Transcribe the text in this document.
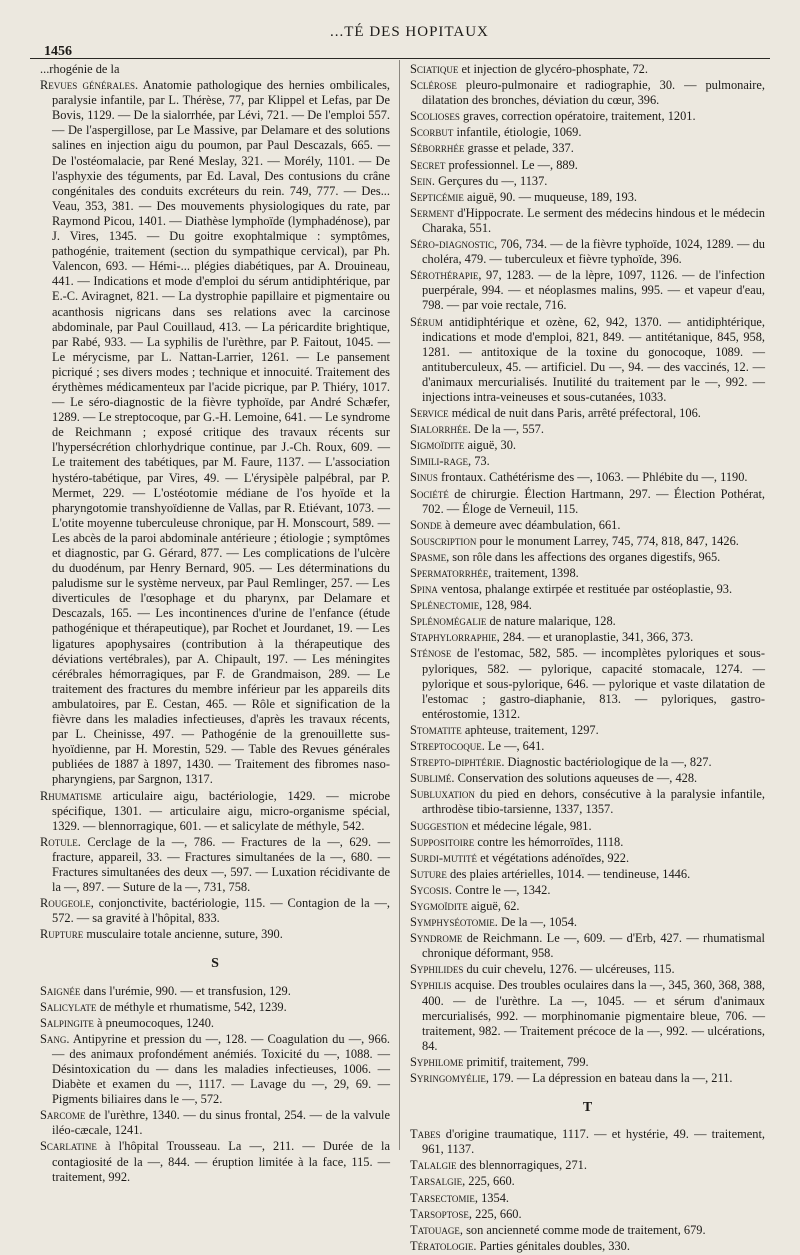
1456
...TÉ DES HOPITAUX
...rhogénie de la
Revues générales. Anatomie pathologique des hernies ombilicales, paralysie infantile, par L. Thérèse, 77, par Klippel et Lefas, par De Bovis, 1129. — De la sialorrhée, par Lévi, 721. — De l'emploi 557. — De l'aspergillose, par Le Massive, par Delamare et des solutions salines en injection aigu du poumon, par Paul Descazals, 665. — De l'ostéomalacie, par René Meslay, 321. — Morély, 1101. — De l'asphyxie des téguments, par Ed. Laval, Des contusions du crâne congénitales des conduits excréteurs du rein. 749, 777. — Des... Veau, 353, 381. — Des mouvements physiologiques du rate, par Raymond Picou, 1401. — Diathèse lymphoïde (lymphadénose), par J. Vires, 1345. — Du goitre exophtalmique : symptômes, pathogénie, traitement (section du sympathique cervical), par Ph. Valencon, 693. — Hémi-... plégies diabétiques, par A. Drouineau, 441. — Indications et mode d'emploi du sérum antidiphtérique, par E.-C. Aviragnet, 821. — La dystrophie papillaire et pigmentaire ou acanthosis nigricans dans ses relations avec la carcinose abdominale, par Paul Couillaud, 413. — La péricardite brightique, par Rabé, 933. — La syphilis de l'urèthre, par P. Faitout, 1045. — Le mérycisme, par L. Nattan-Larrier, 1261. — Le pansement picriqué ; ses divers modes ; technique et innocuité. Traitement des érythèmes médicamenteux par l'acide picrique, par P. Thiéry, 1017. — Le séro-diagnostic de la fièvre typhoïde, par André Schæfer, 1289. — Le streptocoque, par G.-H. Lemoine, 641. — Le syndrome de Reichmann ; exposé critique des travaux récents sur l'hypersécrétion chlorhydrique continue, par J.-Ch. Roux, 609. — Le traitement des tabétiques, par M. Faure, 1137. — L'association hystéro-tabétique, par Vires, 49. — L'érysipèle palpébral, par P. Mermet, 229. — L'ostéotomie médiane de l'os hyoïde et la pharyngotomie transhyoïdienne de Vallas, par R. Etiévant, 1073. — L'otite moyenne tuberculeuse chronique, par H. Monscourt, 589. — Les abcès de la paroi abdominale antérieure ; étiologie ; symptômes et diagnostic, par G. Gérard, 877. — Les complications de l'ulcère du duodénum, par Henry Bernard, 905. — Les déterminations du paludisme sur le système nerveux, par Paul Remlinger, 257. — Les diverticules de l'œsophage et du pharynx, par Delamare et Descazals, 165. — Les incontinences d'urine de l'enfance (étude pathogénique et thérapeutique), par Rochet et Jourdanet, 19. — Les ligatures apophysaires (contribution à la thérapeutique des déviations vertébrales), par A. Chipault, 197. — Les méningites cérébrales hémorragiques, par F. de Grandmaison, 289. — Le traitement des fractures du membre inférieur par les appareils dits ambulatoires, par E. Cestan, 465. — Rôle et signification de la fièvre dans les maladies infectieuses, d'après les travaux récents, par L. Cheinisse, 497. — Pathogénie de la grenouillette sus-hyoïdienne, par H. Morestin, 529. — Table des Revues générales publiées de 1887 à 1897, 1430. — Traitement des fibromes naso-pharyngiens, par Sargnon, 1317.
Rhumatisme articulaire aigu, bactériologie, 1429. — microbe spécifique, 1301. — articulaire aigu, micro-organisme spécial, 1329. — blennorragique, 601. — et salicylate de méthyle, 542.
Rotule. Cerclage de la —, 786. — Fractures de la —, 629. — fracture, appareil, 33. — Fractures simultanées de la —, 680. — Fractures simultanées des deux —, 597. — Luxation récidivante de la —, 897. — Suture de la —, 731, 758.
Rougeole, conjonctivite, bactériologie, 115. — Contagion de la —, 572. — sa gravité à l'hôpital, 833.
Rupture musculaire totale ancienne, suture, 390.
S
Saignée dans l'urémie, 990. — et transfusion, 129.
Salicylate de méthyle et rhumatisme, 542, 1239.
Salpingite à pneumocoques, 1240.
Sang. Antipyrine et pression du —, 128. — Coagulation du —, 966. — des animaux profondément anémiés. Toxicité du —, 1088. — Désintoxication du — dans les maladies infectieuses, 1006. — Diabète et examen du —, 1117. — Lavage du —, 29, 69. — Pigments biliaires dans le —, 572.
Sarcome de l'urèthre, 1340. — du sinus frontal, 254. — de la valvule iléo-cæcale, 1241.
Scarlatine à l'hôpital Trousseau. La —, 211. — Durée de la contagiosité de la —, 844. — éruption limitée à la face, 115. — traitement, 992.
Sciatique et injection de glycéro-phosphate, 72.
Sclérose pleuro-pulmonaire et radiographie, 30. — pulmonaire, dilatation des bronches, déviation du cœur, 396.
Scolioses graves, correction opératoire, traitement, 1201.
Scorbut infantile, étiologie, 1069.
Séborrhée grasse et pelade, 337.
Secret professionnel. Le —, 889.
Sein. Gerçures du —, 1137.
Septicémie aiguë, 90. — muqueuse, 189, 193.
Serment d'Hippocrate. Le serment des médecins hindous et le médecin Charaka, 551.
Séro-diagnostic, 706, 734. — de la fièvre typhoïde, 1024, 1289. — du choléra, 479. — tuberculeux et fièvre typhoïde, 396.
Sérothérapie, 97, 1283. — de la lèpre, 1097, 1126. — de l'infection puerpérale, 994. — et néoplasmes malins, 995. — et vapeur d'eau, 798. — par voie rectale, 716.
Sérum antidiphtérique et ozène, 62, 942, 1370. — antidiphtérique, indications et mode d'emploi, 821, 849. — antitétanique, 845, 958, 1281. — antitoxique de la toxine du gonocoque, 1089. — antituberculeux, 45. — artificiel. Du —, 94. — des vaccinés, 12. — d'animaux mercurialisés. Inutilité du traitement par le —, 992. — injections intra-veineuses et sous-cutanées, 1033.
Service médical de nuit dans Paris, arrêté préfectoral, 106.
Sialorrhée. De la —, 557.
Sigmoïdite aiguë, 30.
Simili-rage, 73.
Sinus frontaux. Cathétérisme des —, 1063. — Phlébite du —, 1190.
Société de chirurgie. Élection Hartmann, 297. — Élection Pothérat, 702. — Éloge de Verneuil, 115.
Sonde à demeure avec déambulation, 661.
Souscription pour le monument Larrey, 745, 774, 818, 847, 1426.
Spasme, son rôle dans les affections des organes digestifs, 965.
Spermatorrhée, traitement, 1398.
Spina ventosa, phalange extirpée et restituée par ostéoplastie, 93.
Splénectomie, 128, 984.
Splénomégalie de nature malarique, 128.
Staphylorraphie, 284. — et uranoplastie, 341, 366, 373.
Sténose de l'estomac, 582, 585. — incomplètes pyloriques et sous-pyloriques, 582. — pylorique, capacité stomacale, 1274. — pylorique et sous-pylorique, 646. — pylorique et vaste dilatation de l'estomac ; gastro-diaphanie, 813. — pyloriques, gastro-entérostomie, 1312.
Stomatite aphteuse, traitement, 1297.
Streptocoque. Le —, 641.
Strepto-diphtérie. Diagnostic bactériologique de la —, 827.
Sublimé. Conservation des solutions aqueuses de —, 428.
Subluxation du pied en dehors, consécutive à la paralysie infantile, arthrodèse tibio-tarsienne, 1337, 1357.
Suggestion et médecine légale, 981.
Suppositoire contre les hémorroïdes, 1118.
Surdi-mutité et végétations adénoïdes, 922.
Suture des plaies artérielles, 1014. — tendineuse, 1446.
Sycosis. Contre le —, 1342.
Sygmoïdite aiguë, 62.
Symphyséotomie. De la —, 1054.
Syndrome de Reichmann. Le —, 609. — d'Erb, 427. — rhumatismal chronique déformant, 958.
Syphilides du cuir chevelu, 1276. — ulcéreuses, 115.
Syphilis acquise. Des troubles oculaires dans la —, 345, 360, 368, 388, 400. — de l'urèthre. La —, 1045. — et sérum d'animaux mercurialisés, 992. — morphinomanie pigmentaire bleue, 706. — traitement, 982. — Traitement précoce de la —, 992. — ulcérations, 84.
Syphilome primitif, traitement, 799.
Syringomyélie, 179. — La dépression en bateau dans la —, 211.
T
Tabes d'origine traumatique, 1117. — et hystérie, 49. — traitement, 961, 1137.
Talalgie des blennorragiques, 271.
Tarsalgie, 225, 660.
Tarsectomie, 1354.
Tarsoptose, 225, 660.
Tatouage, son ancienneté comme mode de traitement, 679.
Tératologie. Parties génitales doubles, 330.
